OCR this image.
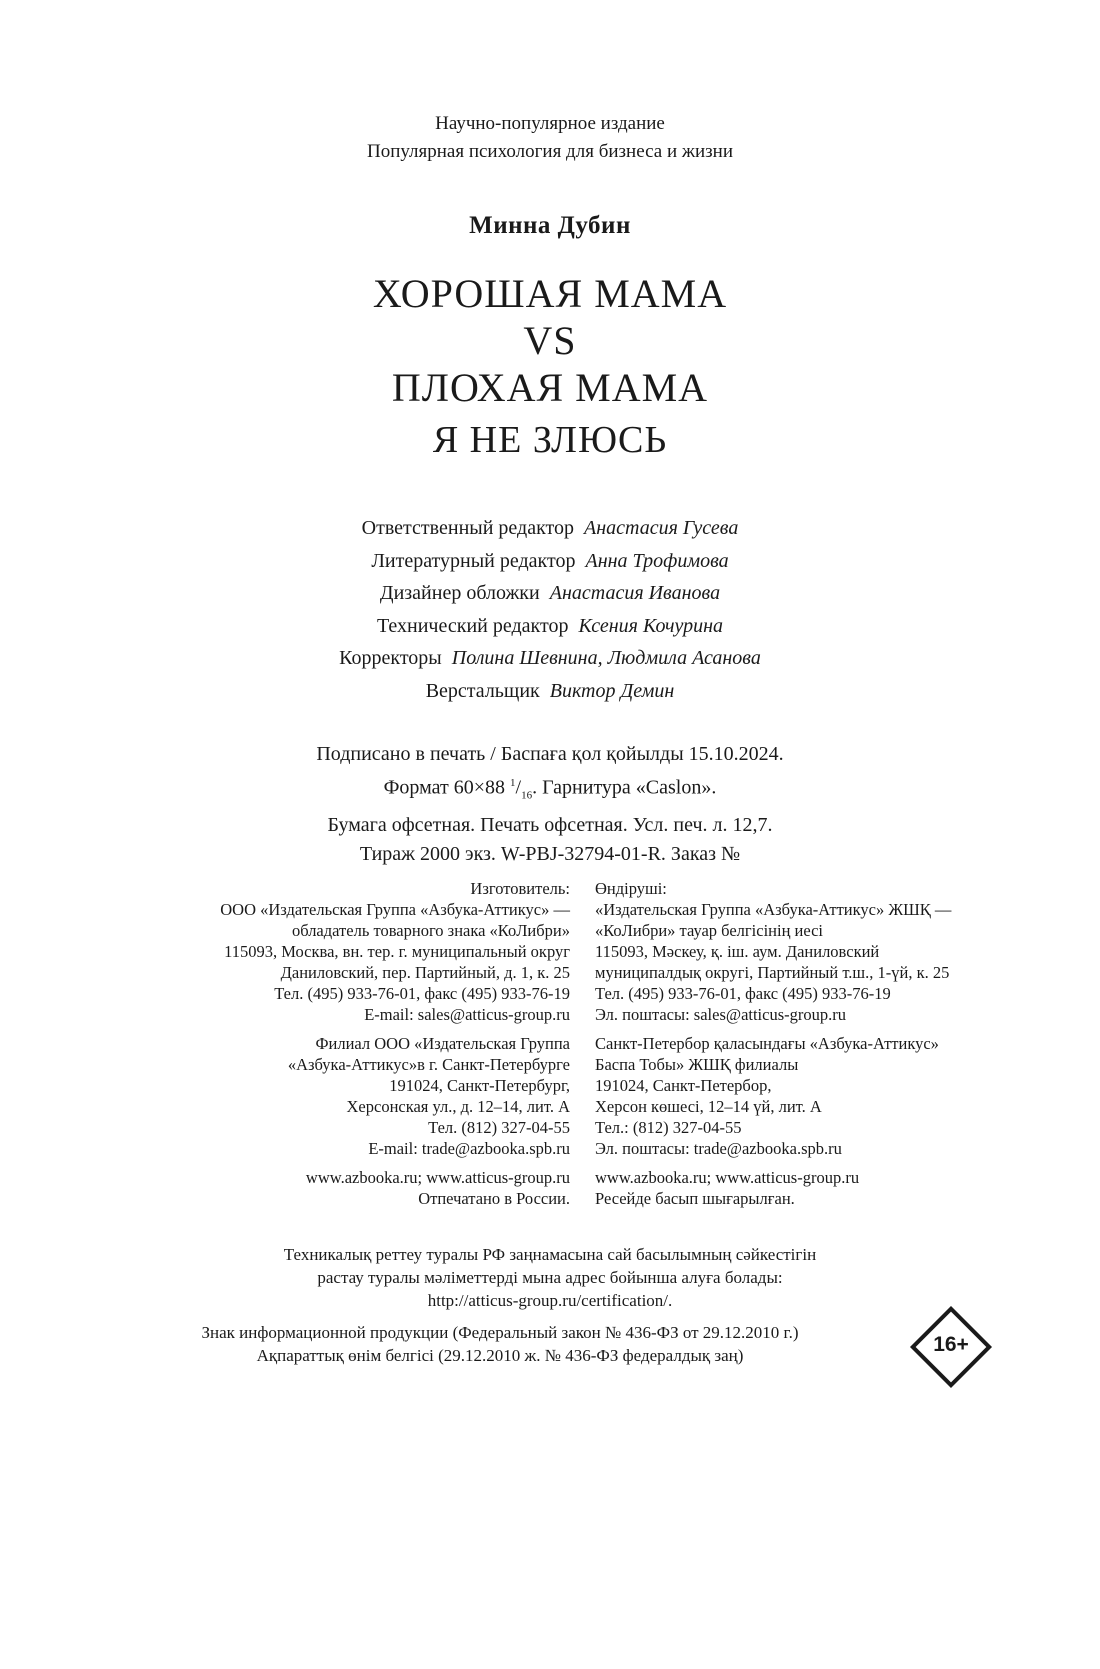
Научно-популярное издание
Популярная психология для бизнеса и жизни
Минна Дубин
ХОРОШАЯ МАМА
VS
ПЛОХАЯ МАМА
Я НЕ ЗЛЮСЬ
Ответственный редактор Анастасия Гусева
Литературный редактор Анна Трофимова
Дизайнер обложки Анастасия Иванова
Технический редактор Ксения Кочурина
Корректоры Полина Шевнина, Людмила Асанова
Верстальщик Виктор Демин
Подписано в печать / Баспаға қол қойылды 15.10.2024.
Формат 60×88 $^1/_{16}$. Гарнитура «Caslon».
Бумага офсетная. Печать офсетная. Усл. печ. л. 12,7.
Тираж 2000 экз. W-PBJ-32794-01-R. Заказ №
Изготовитель:
ООО «Издательская Группа «Азбука-Аттикус» —
обладатель товарного знака «КоЛибри»
115093, Москва, вн. тер. г. муниципальный округ
Даниловский, пер. Партийный, д. 1, к. 25
Тел. (495) 933-76-01, факс (495) 933-76-19
E-mail: sales@atticus-group.ru
Филиал ООО «Издательская Группа
«Азбука-Аттикус»в г. Санкт-Петербурге
191024, Санкт-Петербург,
Херсонская ул., д. 12–14, лит. А
Тел. (812) 327-04-55
E-mail: trade@azbooka.spb.ru
www.azbooka.ru; www.atticus-group.ru
Отпечатано в России.
Өндіруші:
«Издательская Группа «Азбука-Аттикус» ЖШҚ —
«КоЛибри» тауар белгісінің иесі
115093, Мәскеу, қ. іш. аум. Даниловский
муниципалдық округі, Партийный т.ш., 1-үй, к. 25
Тел. (495) 933-76-01, факс (495) 933-76-19
Эл. поштасы: sales@atticus-group.ru
Санкт-Петербор қаласындағы «Азбука-Аттикус»
Баспа Тобы» ЖШҚ филиалы
191024, Санкт-Петербор,
Херсон көшесі, 12–14 үй, лит. А
Тел.: (812) 327-04-55
Эл. поштасы: trade@azbooka.spb.ru
www.azbooka.ru; www.atticus-group.ru
Ресейде басып шығарылған.
Техникалық реттеу туралы РФ заңнамасына сай басылымның сәйкестігін
растау туралы мәліметтерді мына адрес бойынша алуға болады:
http://atticus-group.ru/certification/.
Знак информационной продукции (Федеральный закон № 436-ФЗ от 29.12.2010 г.)
Ақпараттық өнім белгісі (29.12.2010 ж. № 436-ФЗ федералдық заң)	16+
